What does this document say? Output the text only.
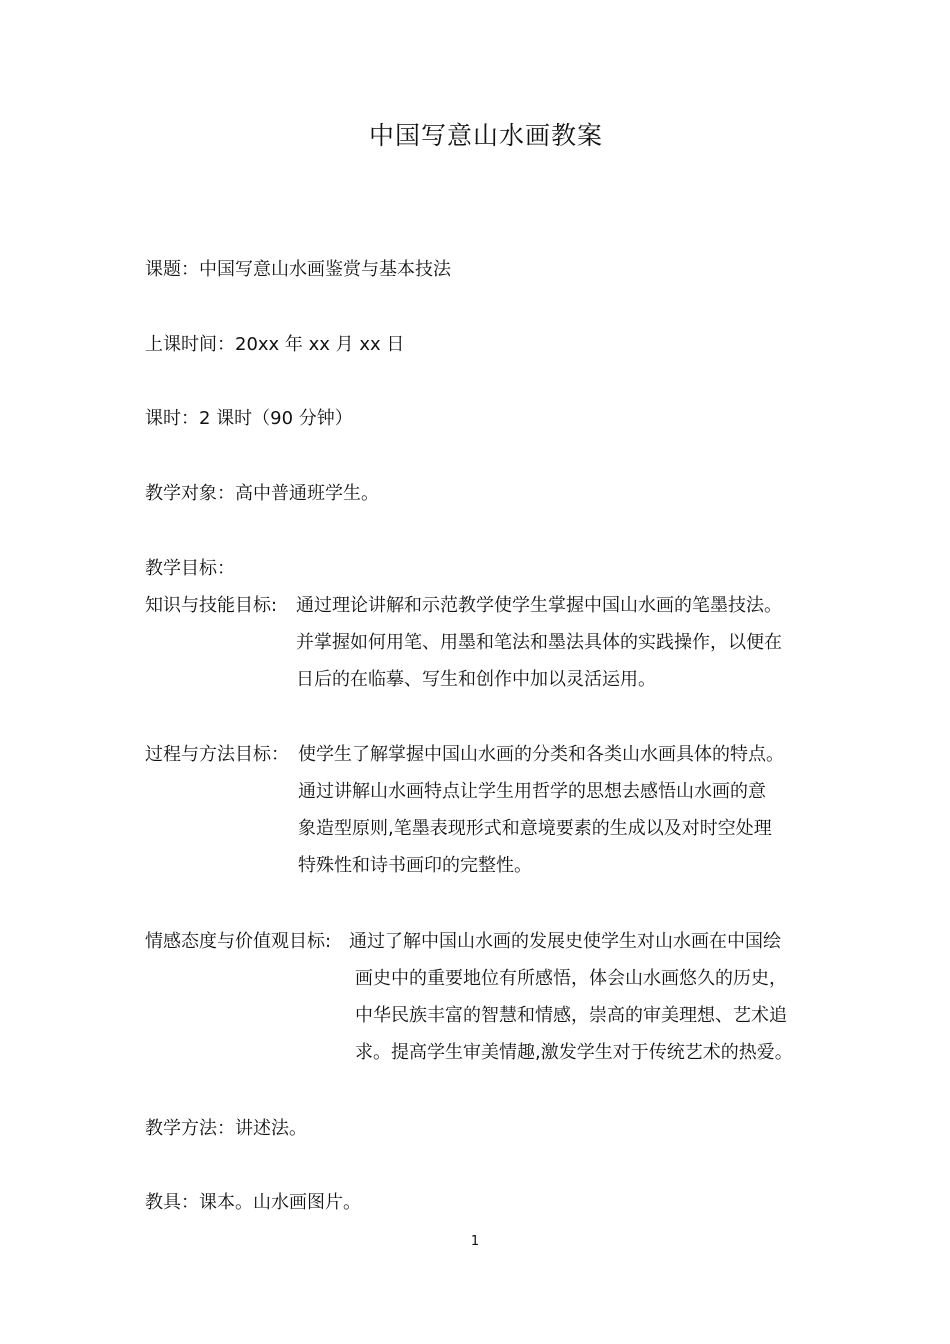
中国写意山水画教案
课题：中国写意山水画鉴赏与基本技法
上课时间：20xx 年 xx 月 xx 日
课时：2 课时（90 分钟）
教学对象：高中普通班学生。
教学目标：
知识与技能目标: 通过理论讲解和示范教学使学生掌握中国山水画的笔墨技法。
并掌握如何用笔、用墨和笔法和墨法具体的实践操作，以便在
日后的在临摹、写生和创作中加以灵活运用。
过程与方法目标： 使学生了解掌握中国山水画的分类和各类山水画具体的特点。
通过讲解山水画特点让学生用哲学的思想去感悟山水画的意
象造型原则,笔墨表现形式和意境要素的生成以及对时空处理
特殊性和诗书画印的完整性。
情感态度与价值观目标: 通过了解中国山水画的发展史使学生对山水画在中国绘
画史中的重要地位有所感悟，体会山水画悠久的历史，
中华民族丰富的智慧和情感，崇高的审美理想、艺术追
求。提高学生审美情趣,激发学生对于传统艺术的热爱。
教学方法：讲述法。
教具：课本。山水画图片。
1
